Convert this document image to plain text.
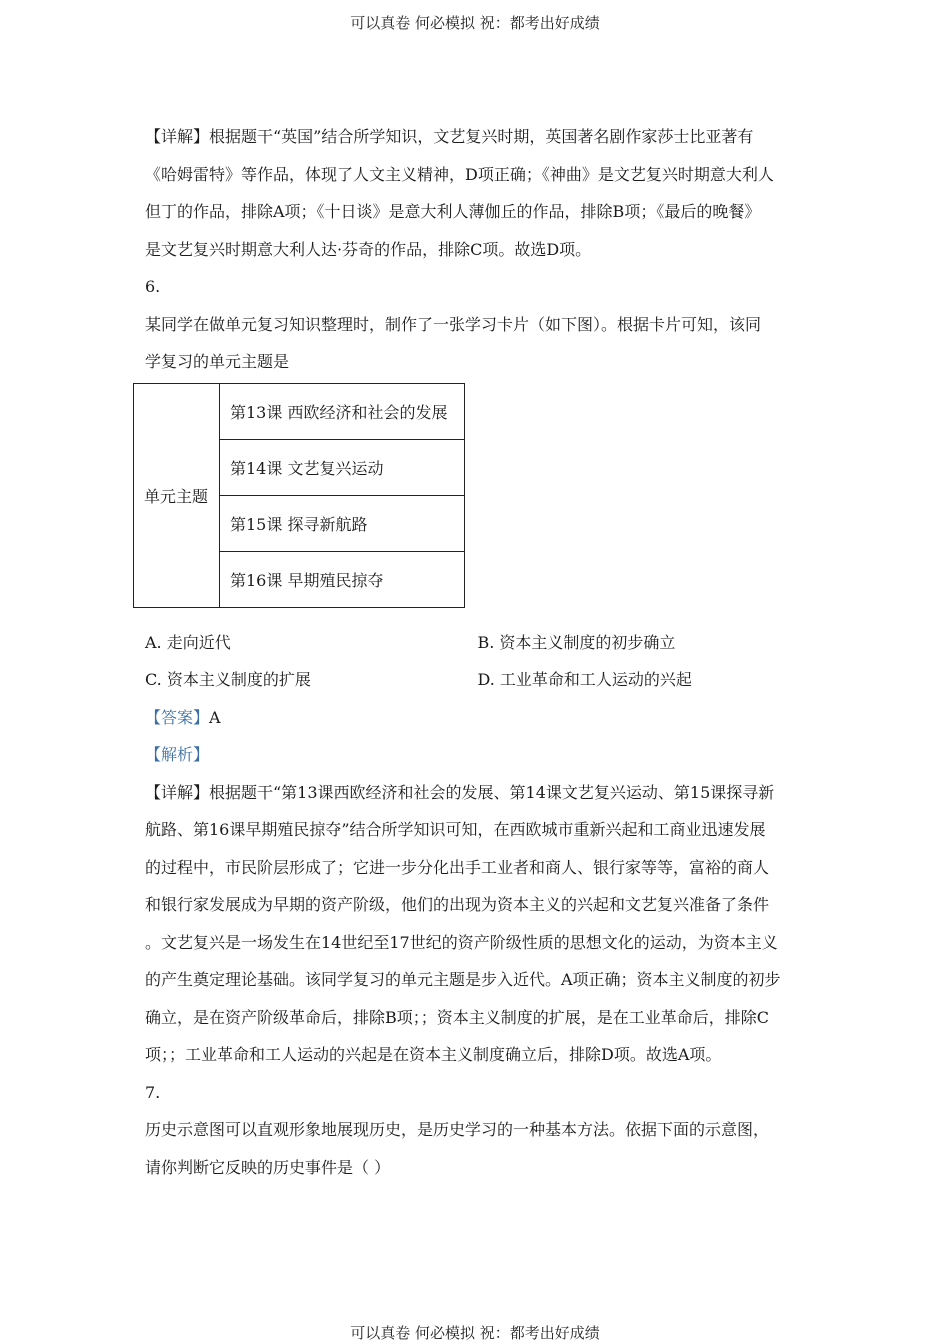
可以真卷 何必模拟 祝：都考出好成绩
【详解】根据题干“英国”结合所学知识，文艺复兴时期，英国著名剧作家莎士比亚著有
《哈姆雷特》等作品，体现了人文主义精神，D项正确；《神曲》是文艺复兴时期意大利人
但丁的作品，排除A项；《十日谈》是意大利人薄伽丘的作品，排除B项；《最后的晚餐》
是文艺复兴时期意大利人达·芬奇的作品，排除C项。故选D项。
6.
某同学在做单元复习知识整理时，制作了一张学习卡片（如下图）。根据卡片可知，该同
学复习的单元主题是
单元主题	第13课 西欧经济和社会的发展
第14课 文艺复兴运动
第15课 探寻新航路
第16课 早期殖民掠夺
A. 走向近代	B. 资本主义制度的初步确立
C. 资本主义制度的扩展	D. 工业革命和工人运动的兴起
【答案】A
【解析】
【详解】根据题干“第13课西欧经济和社会的发展、第14课文艺复兴运动、第15课探寻新
航路、第16课早期殖民掠夺”结合所学知识可知，在西欧城市重新兴起和工商业迅速发展
的过程中，市民阶层形成了；它进一步分化出手工业者和商人、银行家等等，富裕的商人
和银行家发展成为早期的资产阶级，他们的出现为资本主义的兴起和文艺复兴准备了条件
。文艺复兴是一场发生在14世纪至17世纪的资产阶级性质的思想文化的运动，为资本主义
的产生奠定理论基础。该同学复习的单元主题是步入近代。A项正确；资本主义制度的初步
确立，是在资产阶级革命后，排除B项；；资本主义制度的扩展，是在工业革命后，排除C
项；；工业革命和工人运动的兴起是在资本主义制度确立后，排除D项。故选A项。
7.
历史示意图可以直观形象地展现历史，是历史学习的一种基本方法。依据下面的示意图，
请你判断它反映的历史事件是（ ）
可以真卷 何必模拟 祝：都考出好成绩
